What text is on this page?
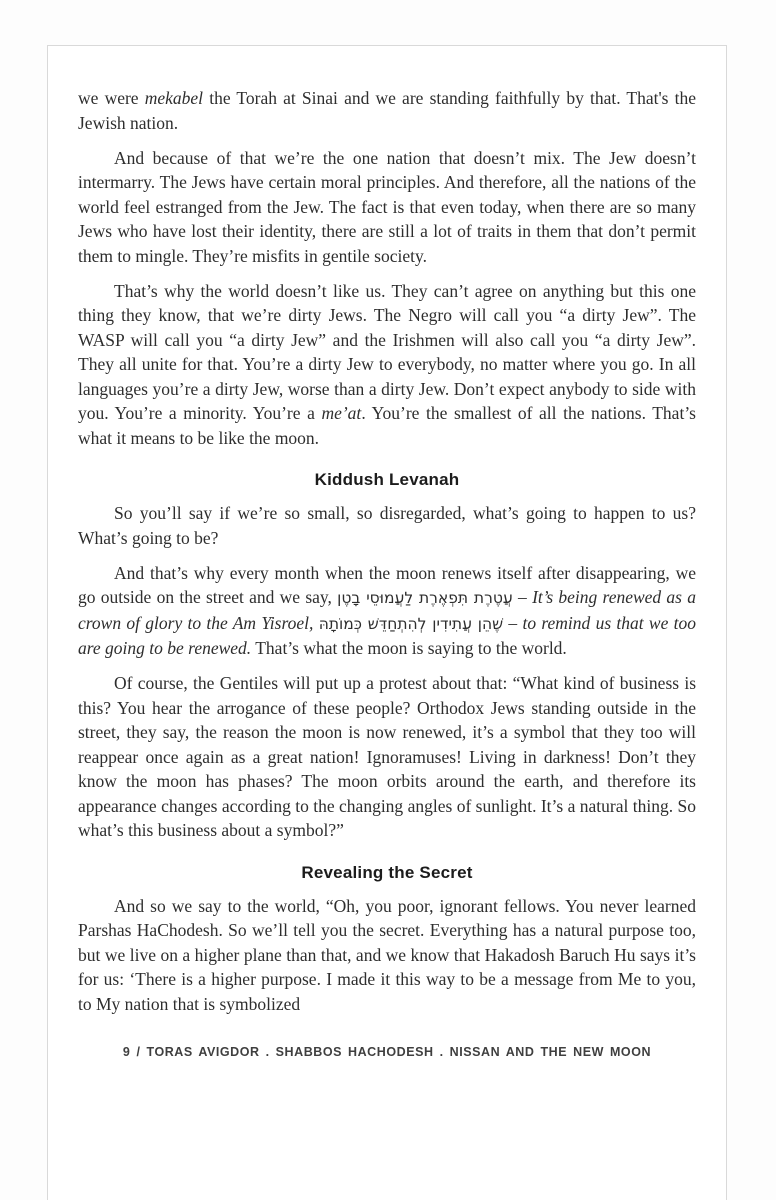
we were mekabel the Torah at Sinai and we are standing faithfully by that. That's the Jewish nation.

And because of that we’re the one nation that doesn’t mix. The Jew doesn’t intermarry. The Jews have certain moral principles. And therefore, all the nations of the world feel estranged from the Jew. The fact is that even today, when there are so many Jews who have lost their identity, there are still a lot of traits in them that don’t permit them to mingle. They’re misfits in gentile society.

That’s why the world doesn’t like us. They can’t agree on anything but this one thing they know, that we’re dirty Jews. The Negro will call you “a dirty Jew”. The WASP will call you “a dirty Jew” and the Irishmen will also call you “a dirty Jew”. They all unite for that. You’re a dirty Jew to everybody, no matter where you go. In all languages you’re a dirty Jew, worse than a dirty Jew. Don’t expect anybody to side with you. You’re a minority. You’re a me’at. You’re the smallest of all the nations. That’s what it means to be like the moon.

Kiddush Levanah

So you’ll say if we’re so small, so disregarded, what’s going to happen to us? What’s going to be?

And that’s why every month when the moon renews itself after disappearing, we go outside on the street and we say, עֲטֶרֶת תִּפְאֶרֶת לַעֲמוּסֵי בָטֶן – It’s being renewed as a crown of glory to the Am Yisroel, שֶׁהֵן עֲתִידִין לְהִתְחַדֵּשׁ כְּמוֹתָהּ – to remind us that we too are going to be renewed. That’s what the moon is saying to the world.

Of course, the Gentiles will put up a protest about that: “What kind of business is this? You hear the arrogance of these people? Orthodox Jews standing outside in the street, they say, the reason the moon is now renewed, it’s a symbol that they too will reappear once again as a great nation! Ignoramuses! Living in darkness! Don’t they know the moon has phases? The moon orbits around the earth, and therefore its appearance changes according to the changing angles of sunlight. It’s a natural thing. So what’s this business about a symbol?”

Revealing the Secret

And so we say to the world, “Oh, you poor, ignorant fellows. You never learned Parshas HaChodesh. So we’ll tell you the secret. Everything has a natural purpose too, but we live on a higher plane than that, and we know that Hakadosh Baruch Hu says it’s for us: ‘There is a higher purpose. I made it this way to be a message from Me to you, to My nation that is symbolized

9 / TORAS AVIGDOR . SHABBOS HACHODESH . NISSAN AND THE NEW MOON
